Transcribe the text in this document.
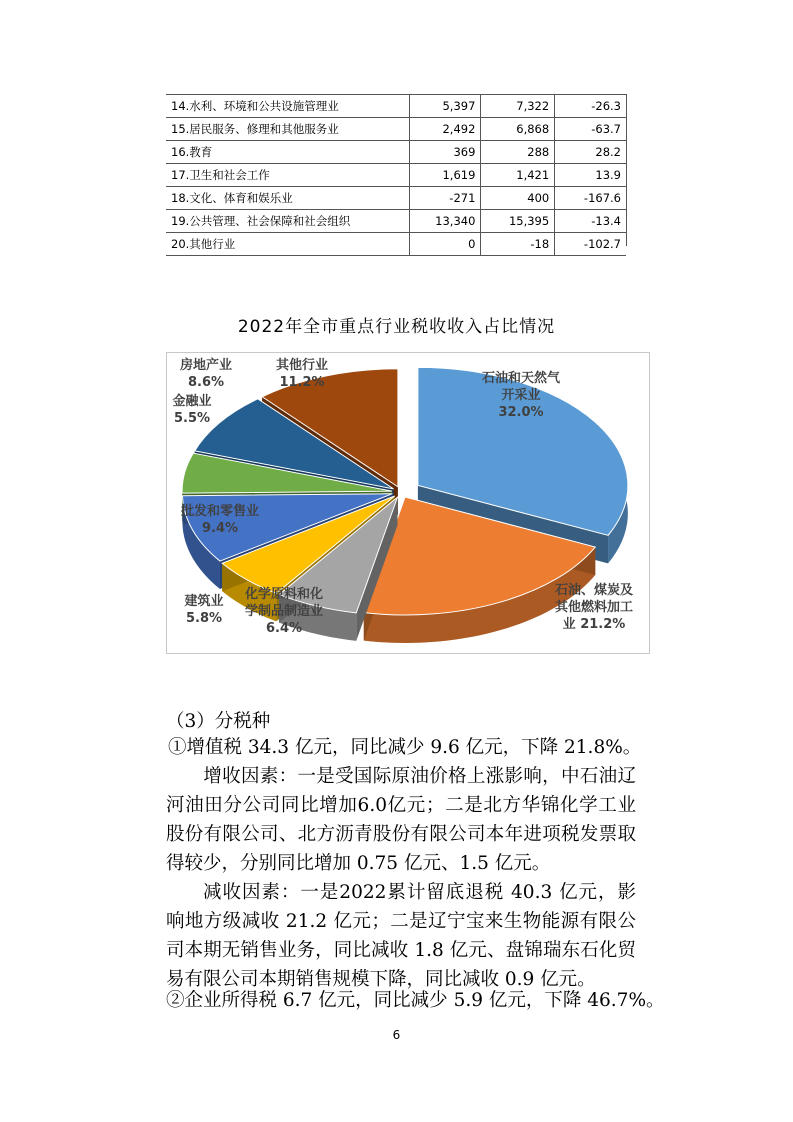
14.水利、环境和公共设施管理业	5,397	7,322	-26.3
15.居民服务、修理和其他服务业	2,492	6,868	-63.7
16.教育	369	288	28.2
17.卫生和社会工作	1,619	1,421	13.9
18.文化、体育和娱乐业	-271	400	-167.6
19.公共管理、社会保障和社会组织	13,340	15,395	-13.4
20.其他行业	0	-18	-102.7
2022年全市重点行业税收收入占比情况
石油和天然气开采业 32.0%
石油、煤炭及其他燃料加工业 21.2%
化学原料和化学制品制造业 6.4%
建筑业 5.8%
批发和零售业 9.4%
金融业 5.5%
房地产业 8.6%
其他行业 11.2%
（3）分税种
①增值税 34.3 亿元，同比减少 9.6 亿元，下降 21.8%。
增收因素：一是受国际原油价格上涨影响，中石油辽河油田分公司同比增加6.0亿元；二是北方华锦化学工业股份有限公司、北方沥青股份有限公司本年进项税发票取得较少，分别同比增加 0.75 亿元、1.5 亿元。
减收因素：一是2022累计留底退税 40.3 亿元，影响地方级减收 21.2 亿元；二是辽宁宝来生物能源有限公司本期无销售业务，同比减收 1.8 亿元、盘锦瑞东石化贸易有限公司本期销售规模下降，同比减收 0.9 亿元。
②企业所得税 6.7 亿元，同比减少 5.9 亿元，下降 46.7%。
6
